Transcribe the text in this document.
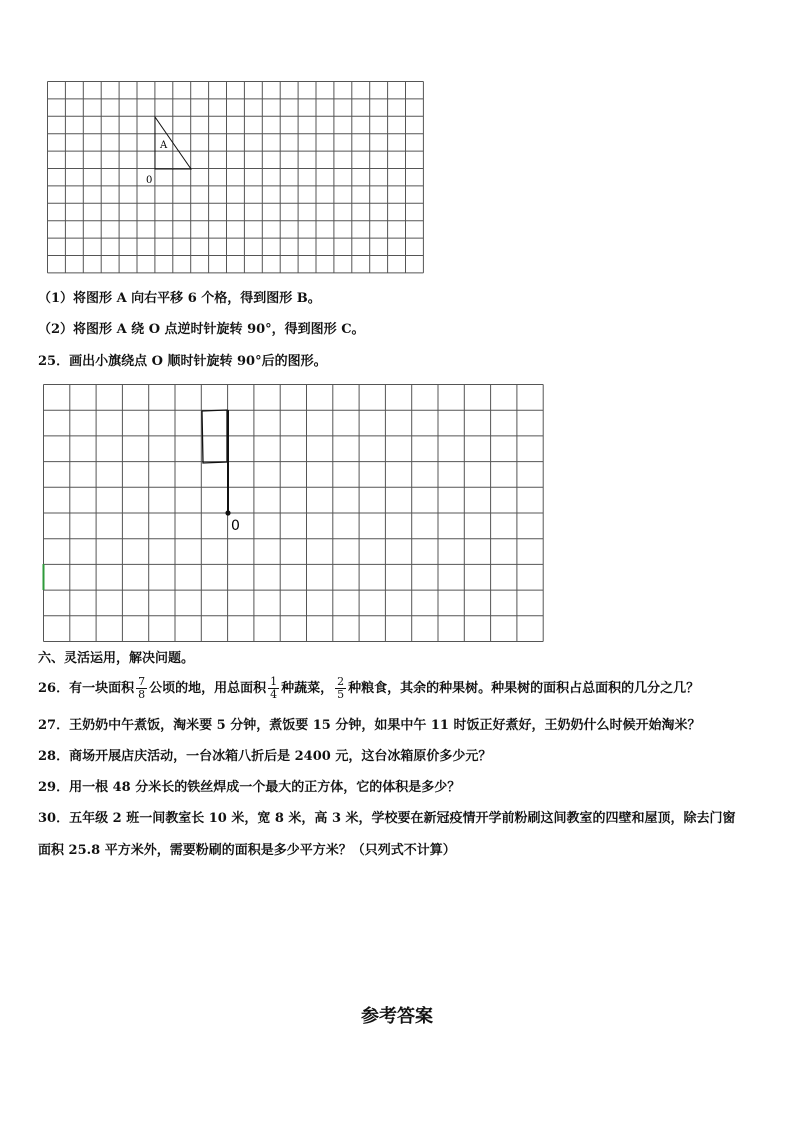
A
0
（1）将图形 A 向右平移 6 个格，得到图形 B。
（2）将图形 A 绕 O 点逆时针旋转 90°，得到图形 C。
25．画出小旗绕点 O 顺时针旋转 90°后的图形。
0
六、灵活运用，解决问题。
26．有一块面积 $\frac{7}{8}$ 公顷的地，用总面积 $\frac{1}{4}$ 种蔬菜， $\frac{2}{5}$ 种粮食，其余的种果树。种果树的面积占总面积的几分之几？
27．王奶奶中午煮饭，淘米要 5 分钟，煮饭要 15 分钟，如果中午 11 时饭正好煮好，王奶奶什么时候开始淘米？
28．商场开展店庆活动，一台冰箱八折后是 2400 元，这台冰箱原价多少元？
29．用一根 48 分米长的铁丝焊成一个最大的正方体，它的体积是多少？
30．五年级 2 班一间教室长 10 米，宽 8 米，高 3 米，学校要在新冠疫情开学前粉刷这间教室的四壁和屋顶，除去门窗
面积 25.8 平方米外，需要粉刷的面积是多少平方米？（只列式不计算）
参考答案
